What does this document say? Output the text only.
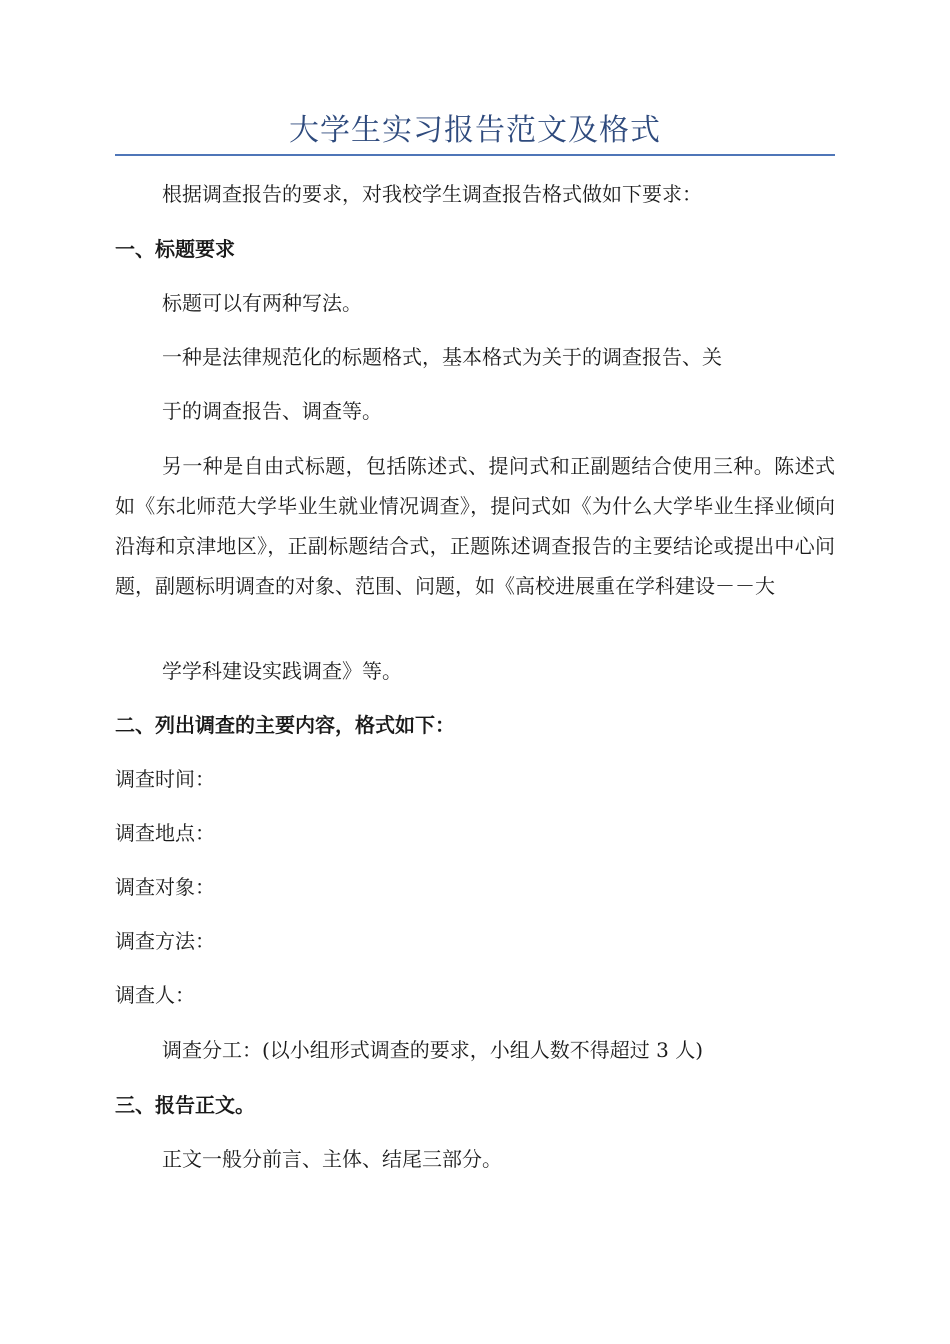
大学生实习报告范文及格式
根据调查报告的要求，对我校学生调查报告格式做如下要求：
一、标题要求
标题可以有两种写法。
一种是法律规范化的标题格式，基本格式为关于的调查报告、关
于的调查报告、调查等。
另一种是自由式标题，包括陈述式、提问式和正副题结合使用三种。陈述式如《东北师范大学毕业生就业情况调查》，提问式如《为什么大学毕业生择业倾向沿海和京津地区》，正副标题结合式，正题陈述调查报告的主要结论或提出中心问题，副题标明调查的对象、范围、问题，如《高校进展重在学科建设－－大
学学科建设实践调查》等。
二、列出调查的主要内容，格式如下：
调查时间：
调查地点：
调查对象：
调查方法：
调查人：
调查分工：(以小组形式调查的要求，小组人数不得超过 3 人)
三、报告正文。
正文一般分前言、主体、结尾三部分。
